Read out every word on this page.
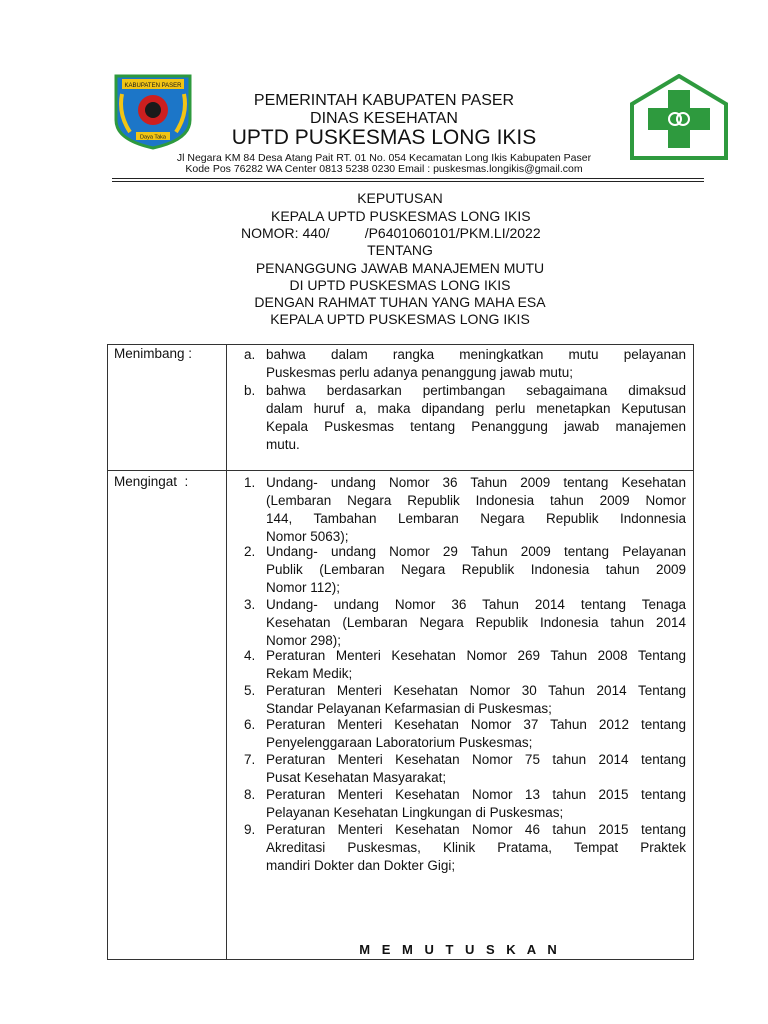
KABUPATEN PASER
Daya Taka
PEMERINTAH KABUPATEN PASER
DINAS KESEHATAN
UPTD PUSKESMAS LONG IKIS
Jl Negara KM 84 Desa Atang Pait RT. 01 No. 054 Kecamatan Long Ikis Kabupaten Paser
Kode Pos 76282 WA Center 0813 5238 0230 Email : puskesmas.longikis@gmail.com
KEPUTUSAN
KEPALA UPTD PUSKESMAS LONG IKIS
NOMOR: 440/         /P6401060101/PKM.LI/2022
TENTANG
PENANGGUNG JAWAB MANAJEMEN MUTU
DI UPTD PUSKESMAS LONG IKIS
DENGAN RAHMAT TUHAN YANG MAHA ESA
KEPALA UPTD PUSKESMAS LONG IKIS
Menimbang :	a. bahwa dalam rangka meningkatkan mutu pelayanan
Puskesmas perlu adanya penanggung jawab mutu;
b. bahwa berdasarkan pertimbangan sebagaimana dimaksud
dalam huruf a, maka dipandang perlu menetapkan Keputusan
Kepala Puskesmas tentang Penanggung jawab manajemen
mutu.
Mengingat  :	1. Undang- undang Nomor 36 Tahun 2009 tentang Kesehatan
(Lembaran Negara Republik Indonesia tahun 2009 Nomor
144, Tambahan Lembaran Negara Republik Indonnesia
Nomor 5063);
2. Undang- undang Nomor 29 Tahun 2009 tentang Pelayanan
Publik (Lembaran Negara Republik Indonesia tahun 2009
Nomor 112);
3. Undang- undang Nomor 36 Tahun 2014 tentang Tenaga
Kesehatan (Lembaran Negara Republik Indonesia tahun 2014
Nomor 298);
4. Peraturan Menteri Kesehatan Nomor 269 Tahun 2008 Tentang
Rekam Medik;
5. Peraturan Menteri Kesehatan Nomor 30 Tahun 2014 Tentang
Standar Pelayanan Kefarmasian di Puskesmas;
6. Peraturan Menteri Kesehatan Nomor 37 Tahun 2012 tentang
Penyelenggaraan Laboratorium Puskesmas;
7. Peraturan Menteri Kesehatan Nomor 75 tahun 2014 tentang
Pusat Kesehatan Masyarakat;
8. Peraturan Menteri Kesehatan Nomor 13 tahun 2015 tentang
Pelayanan Kesehatan Lingkungan di Puskesmas;
9. Peraturan Menteri Kesehatan Nomor 46 tahun 2015 tentang
Akreditasi Puskesmas, Klinik Pratama, Tempat Praktek
mandiri Dokter dan Dokter Gigi;
M E M U T U S K A N
